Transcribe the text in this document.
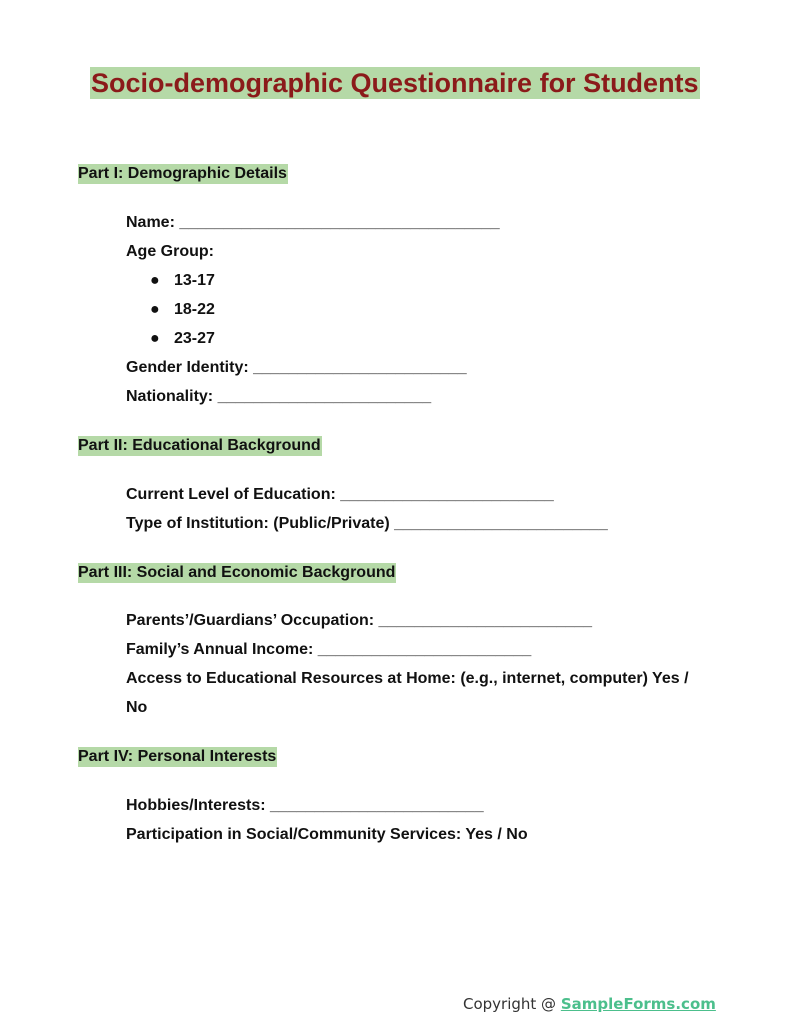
Socio-demographic Questionnaire for Students
Part I: Demographic Details
Name: ____________________________________
Age Group:
● 13-17
● 18-22
● 23-27
Gender Identity: ________________________
Nationality: ________________________
Part II: Educational Background
Current Level of Education: ________________________
Type of Institution: (Public/Private) ________________________
Part III: Social and Economic Background
Parents’/Guardians’ Occupation: ________________________
Family’s Annual Income: ________________________
Access to Educational Resources at Home: (e.g., internet, computer) Yes /
No
Part IV: Personal Interests
Hobbies/Interests: ________________________
Participation in Social/Community Services: Yes / No
Copyright @ SampleForms.com
